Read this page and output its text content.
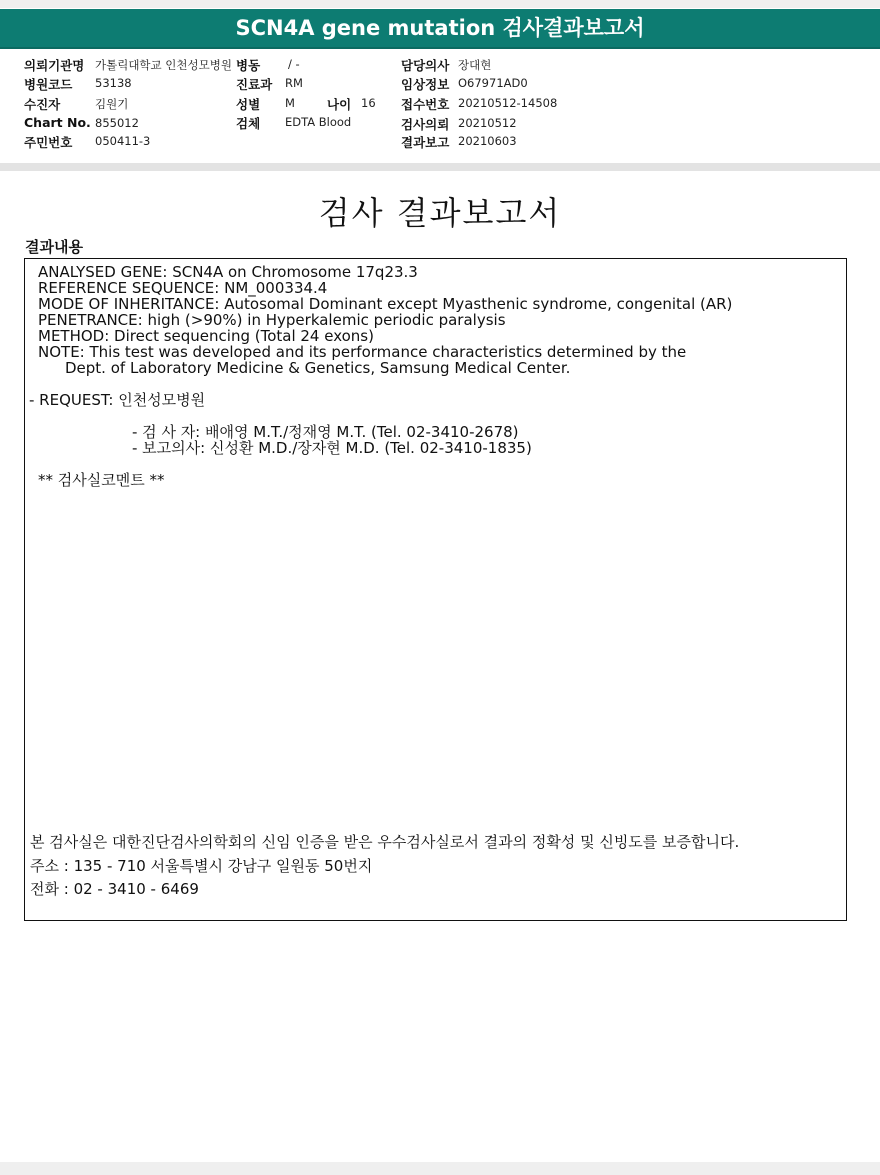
SCN4A gene mutation 검사결과보고서
의뢰기관명 가톨릭대학교 인천성모병원 병동 / -	담당의사 장대현
병원코드 53138	진료과 RM	임상정보 O67971AD0
수진자	김원기	성별 M	나이 16 접수번호 20210512-14508
Chart No. 855012	검체 EDTA Blood	검사의뢰 20210512
주민번호 050411-3	결과보고 20210603
검사 결과보고서
결과내용
ANALYSED GENE: SCN4A on Chromosome 17q23.3
REFERENCE SEQUENCE: NM_000334.4
MODE OF INHERITANCE: Autosomal Dominant except Myasthenic syndrome, congenital (AR)
PENETRANCE: high (>90%) in Hyperkalemic periodic paralysis
METHOD: Direct sequencing (Total 24 exons)
NOTE: This test was developed and its performance characteristics determined by the
Dept. of Laboratory Medicine & Genetics, Samsung Medical Center.
- REQUEST: 인천성모병원
- 검 사 자: 배애영 M.T./정재영 M.T. (Tel. 02-3410-2678)
- 보고의사: 신성환 M.D./장자현 M.D. (Tel. 02-3410-1835)
** 검사실코멘트 **
본 검사실은 대한진단검사의학회의 신임 인증을 받은 우수검사실로서 결과의 정확성 및 신빙도를 보증합니다.
주소 : 135 - 710 서울특별시 강남구 일원동 50번지
전화 : 02 - 3410 - 6469
